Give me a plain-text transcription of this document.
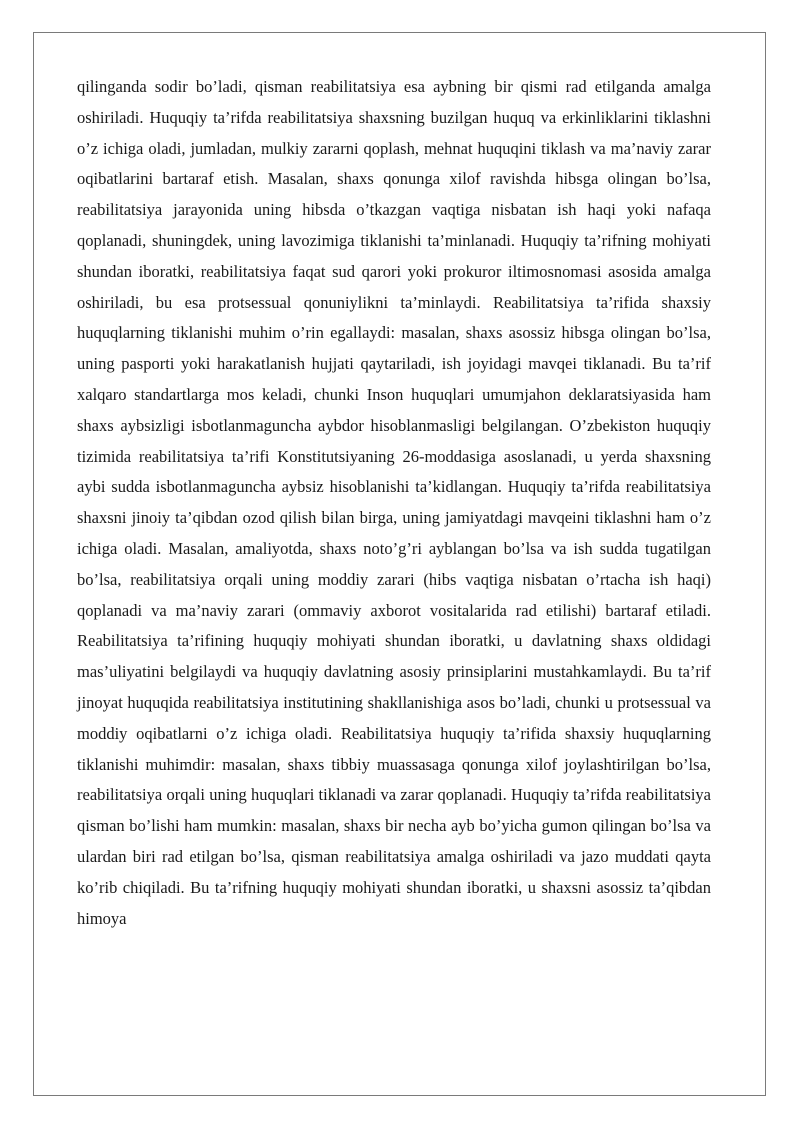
qilinganda sodir bo’ladi, qisman reabilitatsiya esa aybning bir qismi rad etilganda amalga oshiriladi. Huquqiy ta’rifda reabilitatsiya shaxsning buzilgan huquq va erkinliklarini tiklashni o’z ichiga oladi, jumladan, mulkiy zararni qoplash, mehnat huquqini tiklash va ma’naviy zarar oqibatlarini bartaraf etish. Masalan, shaxs qonunga xilof ravishda hibsga olingan bo’lsa, reabilitatsiya jarayonida uning hibsda o’tkazgan vaqtiga nisbatan ish haqi yoki nafaqa qoplanadi, shuningdek, uning lavozimiga tiklanishi ta’minlanadi. Huquqiy ta’rifning mohiyati shundan iboratki, reabilitatsiya faqat sud qarori yoki prokuror iltimosnomasi asosida amalga oshiriladi, bu esa protsessual qonuniylikni ta’minlaydi. Reabilitatsiya ta’rifida shaxsiy huquqlarning tiklanishi muhim o’rin egallaydi: masalan, shaxs asossiz hibsga olingan bo’lsa, uning pasporti yoki harakatlanish hujjati qaytariladi, ish joyidagi mavqei tiklanadi. Bu ta’rif xalqaro standartlarga mos keladi, chunki Inson huquqlari umumjahon deklaratsiyasida ham shaxs aybsizligi isbotlanmaguncha aybdor hisoblanmasligi belgilangan. O’zbekiston huquqiy tizimida reabilitatsiya ta’rifi Konstitutsiyaning 26-moddasiga asoslanadi, u yerda shaxsning aybi sudda isbotlanmaguncha aybsiz hisoblanishi ta’kidlangan. Huquqiy ta’rifda reabilitatsiya shaxsni jinoiy ta’qibdan ozod qilish bilan birga, uning jamiyatdagi mavqeini tiklashni ham o’z ichiga oladi. Masalan, amaliyotda, shaxs noto’g’ri ayblangan bo’lsa va ish sudda tugatilgan bo’lsa, reabilitatsiya orqali uning moddiy zarari (hibs vaqtiga nisbatan o’rtacha ish haqi) qoplanadi va ma’naviy zarari (ommaviy axborot vositalarida rad etilishi) bartaraf etiladi. Reabilitatsiya ta’rifining huquqiy mohiyati shundan iboratki, u davlatning shaxs oldidagi mas’uliyatini belgilaydi va huquqiy davlatning asosiy prinsiplarini mustahkamlaydi. Bu ta’rif jinoyat huquqida reabilitatsiya institutining shakllanishiga asos bo’ladi, chunki u protsessual va moddiy oqibatlarni o’z ichiga oladi. Reabilitatsiya huquqiy ta’rifida shaxsiy huquqlarning tiklanishi muhimdir: masalan, shaxs tibbiy muassasaga qonunga xilof joylashtirilgan bo’lsa, reabilitatsiya orqali uning huquqlari tiklanadi va zarar qoplanadi. Huquqiy ta’rifda reabilitatsiya qisman bo’lishi ham mumkin: masalan, shaxs bir necha ayb bo’yicha gumon qilingan bo’lsa va ulardan biri rad etilgan bo’lsa, qisman reabilitatsiya amalga oshiriladi va jazo muddati qayta ko’rib chiqiladi. Bu ta’rifning huquqiy mohiyati shundan iboratki, u shaxsni asossiz ta’qibdan himoya
